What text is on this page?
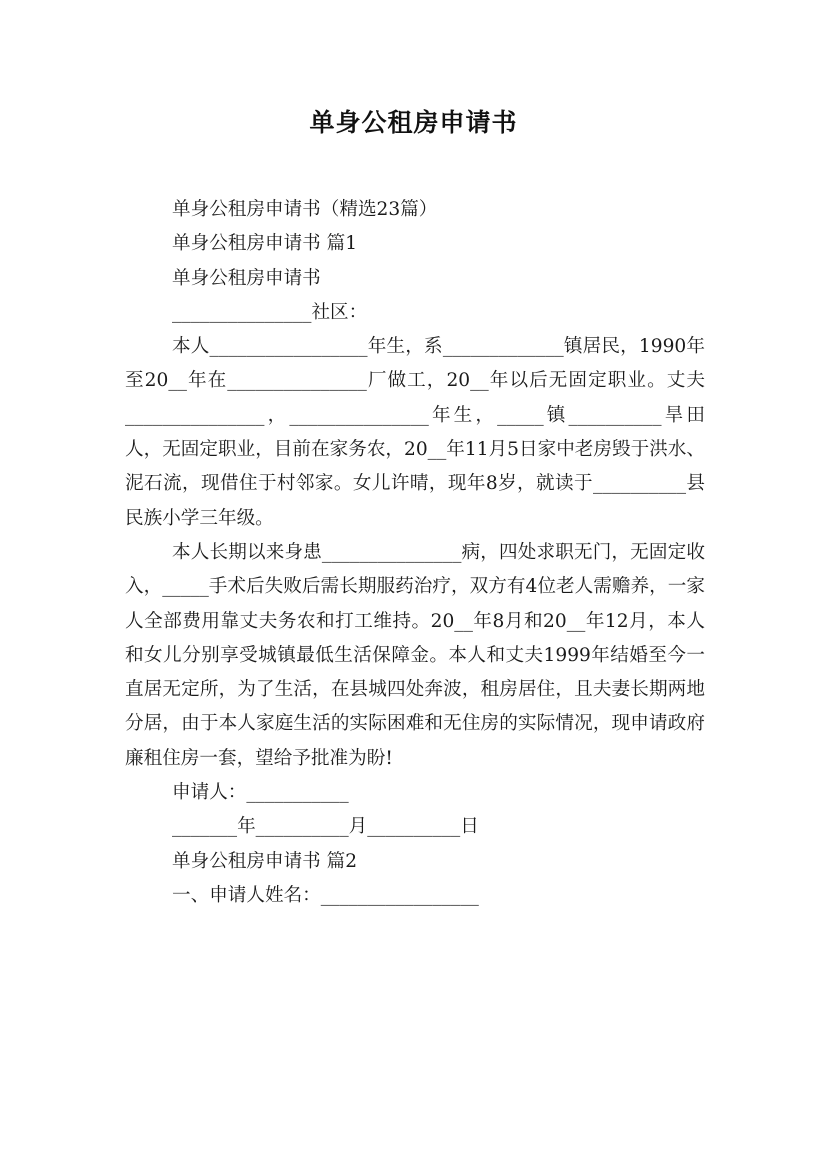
单身公租房申请书

单身公租房申请书（精选23篇）

单身公租房申请书 篇1

单身公租房申请书

_______________社区：

本人_________________年生，系_____________镇居民，1990年至20__年在_______________厂做工，20__年以后无固定职业。丈夫_______________，_______________年生，_____镇__________旱田人，无固定职业，目前在家务农，20__年11月5日家中老房毁于洪水、泥石流，现借住于村邻家。女儿许晴，现年8岁，就读于__________县民族小学三年级。

本人长期以来身患_______________病，四处求职无门，无固定收入，_____手术后失败后需长期服药治疗，双方有4位老人需赡养，一家人全部费用靠丈夫务农和打工维持。20__年8月和20__年12月，本人和女儿分别享受城镇最低生活保障金。本人和丈夫1999年结婚至今一直居无定所，为了生活，在县城四处奔波，租房居住，且夫妻长期两地分居，由于本人家庭生活的实际困难和无住房的实际情况，现申请政府廉租住房一套，望给予批准为盼!

申请人：___________

_______年__________月__________日

单身公租房申请书 篇2

一、申请人姓名：_________________
